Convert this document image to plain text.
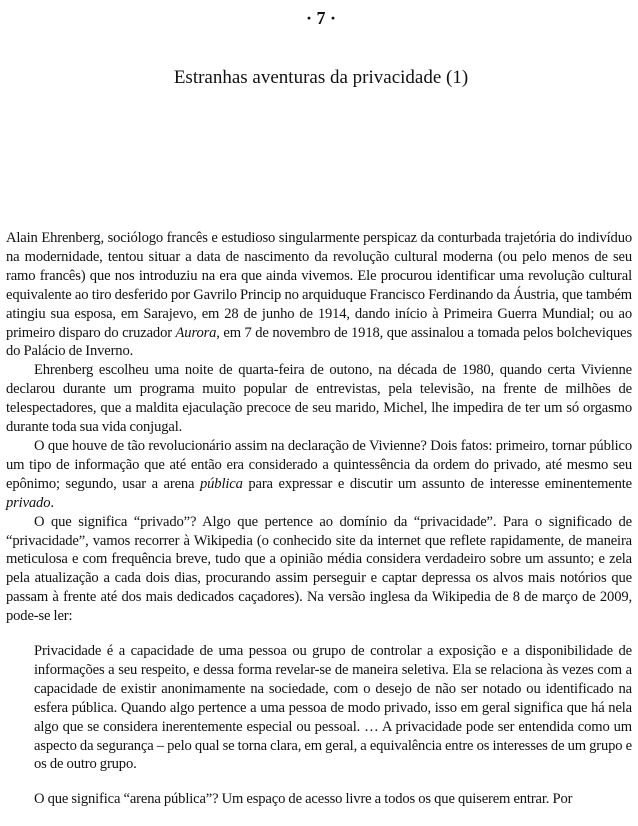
· 7 ·
Estranhas aventuras da privacidade (1)

Alain Ehrenberg, sociólogo francês e estudioso singularmente perspicaz da conturbada trajetória do indivíduo na modernidade, tentou situar a data de nascimento da revolução cultural moderna (ou pelo menos de seu ramo francês) que nos introduziu na era que ainda vivemos. Ele procurou identificar uma revolução cultural equivalente ao tiro desferido por Gavrilo Princip no arquiduque Francisco Ferdinando da Áustria, que também atingiu sua esposa, em Sarajevo, em 28 de junho de 1914, dando início à Primeira Guerra Mundial; ou ao primeiro disparo do cruzador Aurora, em 7 de novembro de 1918, que assinalou a tomada pelos bolcheviques do Palácio de Inverno.

Ehrenberg escolheu uma noite de quarta-feira de outono, na década de 1980, quando certa Vivienne declarou durante um programa muito popular de entrevistas, pela televisão, na frente de milhões de telespectadores, que a maldita ejaculação precoce de seu marido, Michel, lhe impedira de ter um só orgasmo durante toda sua vida conjugal.

O que houve de tão revolucionário assim na declaração de Vivienne? Dois fatos: primeiro, tornar público um tipo de informação que até então era considerado a quintessência da ordem do privado, até mesmo seu epônimo; segundo, usar a arena pública para expressar e discutir um assunto de interesse eminentemente privado.

O que significa “privado”? Algo que pertence ao domínio da “privacidade”. Para o significado de “privacidade”, vamos recorrer à Wikipedia (o conhecido site da internet que reflete rapidamente, de maneira meticulosa e com frequência breve, tudo que a opinião média considera verdadeiro sobre um assunto; e zela pela atualização a cada dois dias, procurando assim perseguir e captar depressa os alvos mais notórios que passam à frente até dos mais dedicados caçadores). Na versão inglesa da Wikipedia de 8 de março de 2009, pode-se ler:

Privacidade é a capacidade de uma pessoa ou grupo de controlar a exposição e a disponibilidade de informações a seu respeito, e dessa forma revelar-se de maneira seletiva. Ela se relaciona às vezes com a capacidade de existir anonimamente na sociedade, com o desejo de não ser notado ou identificado na esfera pública. Quando algo pertence a uma pessoa de modo privado, isso em geral significa que há nela algo que se considera inerentemente especial ou pessoal. … A privacidade pode ser entendida como um aspecto da segurança – pelo qual se torna clara, em geral, a equivalência entre os interesses de um grupo e os de outro grupo.

O que significa “arena pública”? Um espaço de acesso livre a todos os que quiserem entrar. Por
